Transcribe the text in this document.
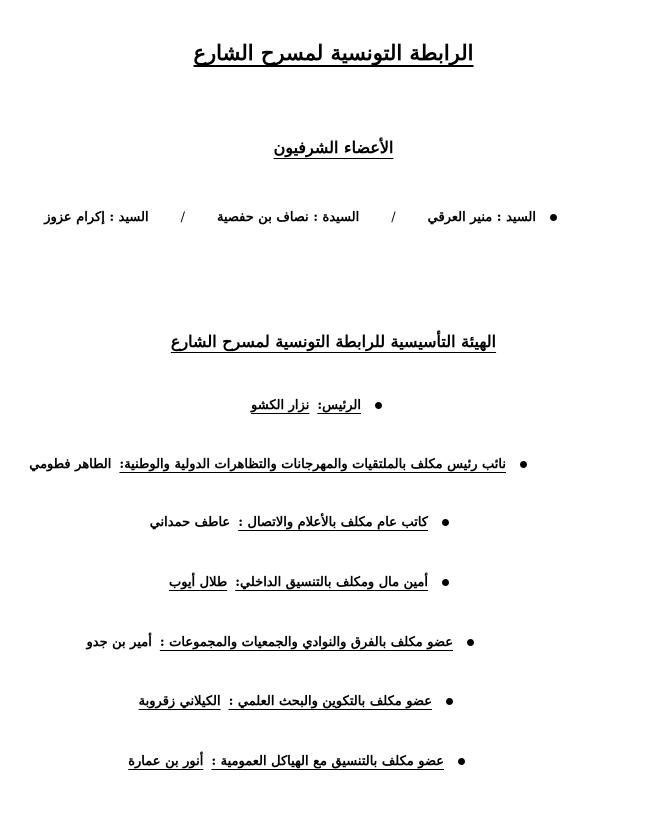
الرابطة التونسية لمسرح الشارع
الأعضاء الشرفيون
السيد : منير العرقي
/
السيدة : نصاف بن حفصية
/
السيد : إكرام عزوز
الهيئة التأسيسية للرابطة التونسية لمسرح الشارع
الرئيس:
نزار الكشو
نائب رئيس مكلف بالملتقيات والمهرجانات والتظاهرات الدولية والوطنية:
الطاهر فطومي
كاتب عام مكلف بالأعلام والاتصال :
عاطف حمداني
أمين مال ومكلف بالتنسيق الداخلي:
طلال أيوب
عضو مكلف بالفرق والنوادي والجمعيات والمجموعات :
أمير بن جدو
عضو مكلف بالتكوين والبحث العلمي :
الكيلاني زقروبة
عضو مكلف بالتنسيق مع الهياكل العمومية :
أنور بن عمارة
